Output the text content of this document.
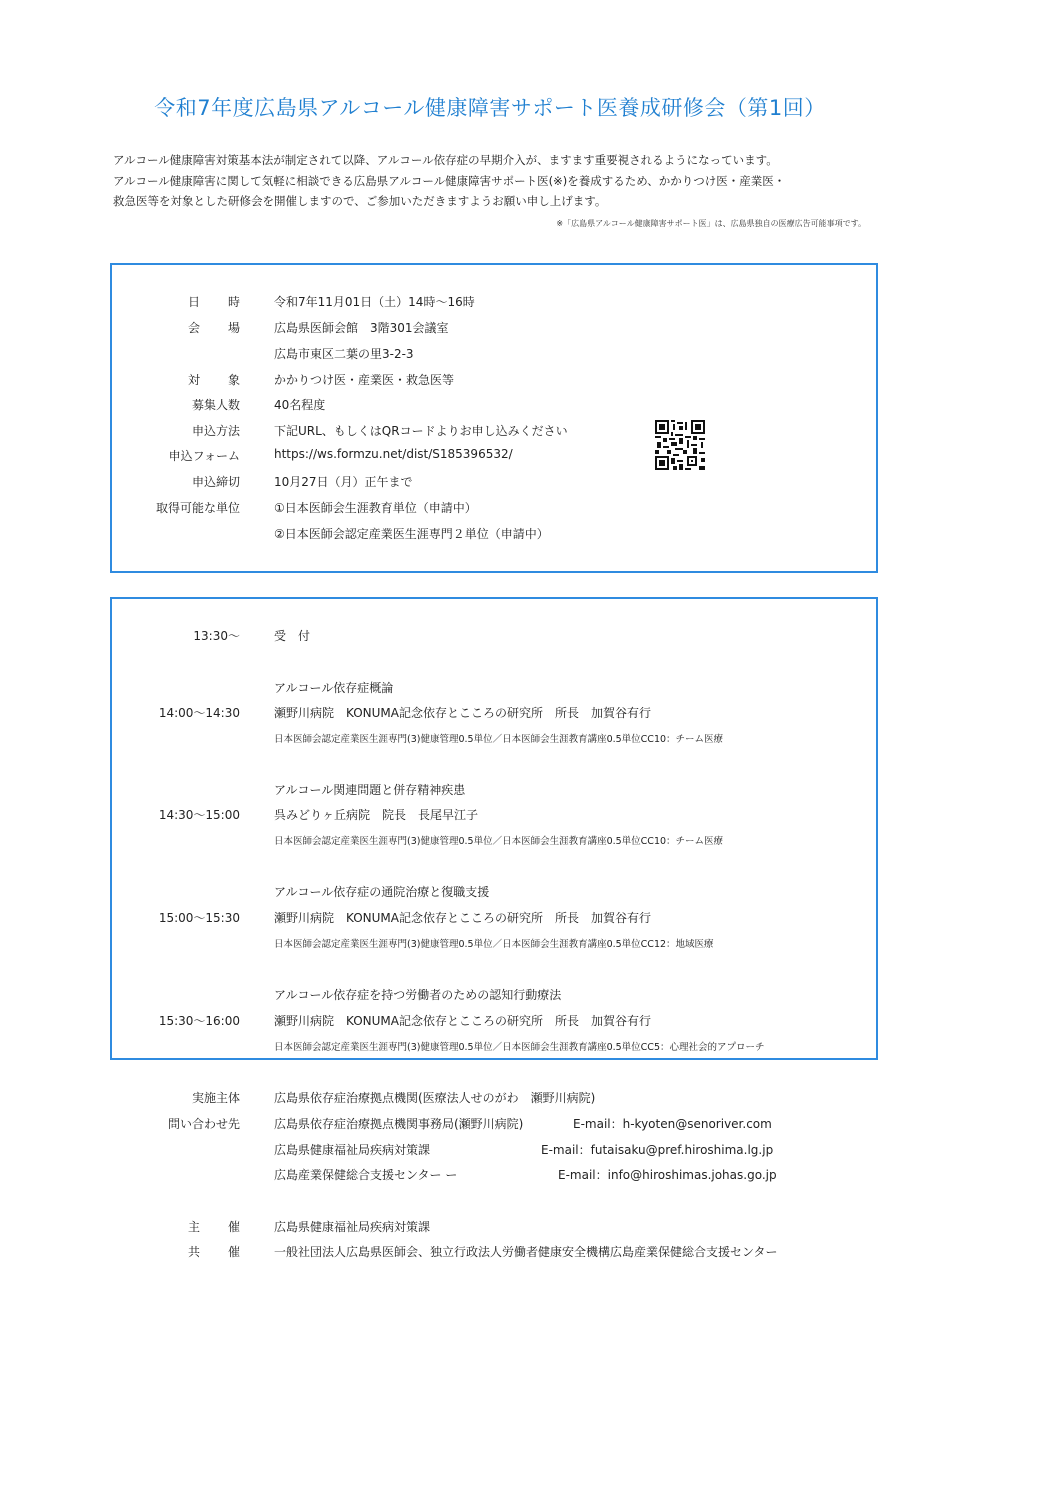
令和7年度広島県アルコール健康障害サポート医養成研修会（第1回）
アルコール健康障害対策基本法が制定されて以降、アルコール依存症の早期介入が、ますます重要視されるようになっています。
アルコール健康障害に関して気軽に相談できる広島県アルコール健康障害サポート医(※)を養成するため、かかりつけ医・産業医・
救急医等を対象とした研修会を開催しますので、ご参加いただきますようお願い申し上げます。
※「広島県アルコール健康障害サポート医」は、広島県独自の医療広告可能事項です。
日　時	令和7年11月01日（土）14時～16時
会　場	広島県医師会館　3階301会議室
広島市東区二葉の里3-2-3
対　象	かかりつけ医・産業医・救急医等
募集人数	40名程度
申込方法	下記URL、もしくはQRコードよりお申し込みください
申込フォーム	https://ws.formzu.net/dist/S185396532/
申込締切	10月27日（月）正午まで
取得可能な単位	①日本医師会生涯教育単位（申請中）
②日本医師会認定産業医生涯専門２単位（申請中）
13:30～	受　付
アルコール依存症概論
14:00～14:30	瀬野川病院　KONUMA記念依存とこころの研究所　所長　加賀谷有行
日本医師会認定産業医生涯専門(3)健康管理0.5単位／日本医師会生涯教育講座0.5単位CC10：チーム医療
アルコール関連問題と併存精神疾患
14:30～15:00	呉みどりヶ丘病院　院長　長尾早江子
日本医師会認定産業医生涯専門(3)健康管理0.5単位／日本医師会生涯教育講座0.5単位CC10：チーム医療
アルコール依存症の通院治療と復職支援
15:00～15:30	瀬野川病院　KONUMA記念依存とこころの研究所　所長　加賀谷有行
日本医師会認定産業医生涯専門(3)健康管理0.5単位／日本医師会生涯教育講座0.5単位CC12：地域医療
アルコール依存症を持つ労働者のための認知行動療法
15:30～16:00	瀬野川病院　KONUMA記念依存とこころの研究所　所長　加賀谷有行
日本医師会認定産業医生涯専門(3)健康管理0.5単位／日本医師会生涯教育講座0.5単位CC5：心理社会的アプローチ
実施主体	広島県依存症治療拠点機関(医療法人せのがわ　瀬野川病院)
問い合わせ先	広島県依存症治療拠点機関事務局(瀬野川病院)	E-mail：h-kyoten@senoriver.com
広島県健康福祉局疾病対策課	E-mail：futaisaku@pref.hiroshima.lg.jp
広島産業保健総合支援センター ー	E-mail：info@hiroshimas.johas.go.jp
主　催	広島県健康福祉局疾病対策課
共　催	一般社団法人広島県医師会、独立行政法人労働者健康安全機構広島産業保健総合支援センター
